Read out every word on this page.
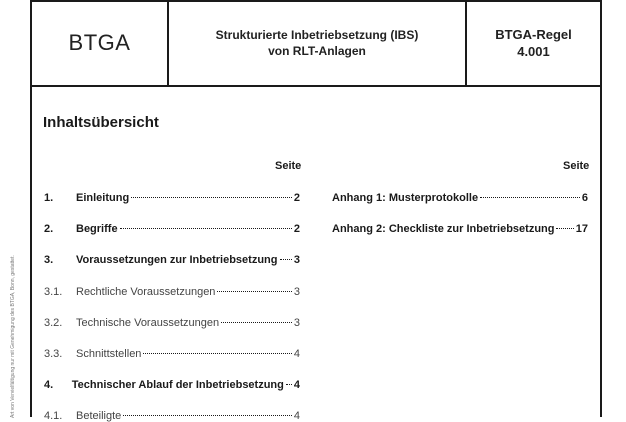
BTGA	Strukturierte Inbetriebsetzung (IBS)
von RLT-Anlagen
BTGA-Regel
4.001
Inhaltsübersicht
Seite	Seite
1.	Einleitung	2
2.	Begriffe	2
3.	Voraussetzungen zur Inbetriebsetzung 3
3.1.	Rechtliche Voraussetzungen	3
3.2.	Technische Voraussetzungen	3
3.3.	Schnittstellen	4
4.	Technischer Ablauf der Inbetriebsetzung 4
4.1.	Beteiligte	4
Anhang 1: Musterprotokolle	6
Anhang 2: Checkliste zur Inbetriebsetzung 17
Art von Vervielfältigung nur mit Genehmigung des BTGA, Bonn, gestattet.
